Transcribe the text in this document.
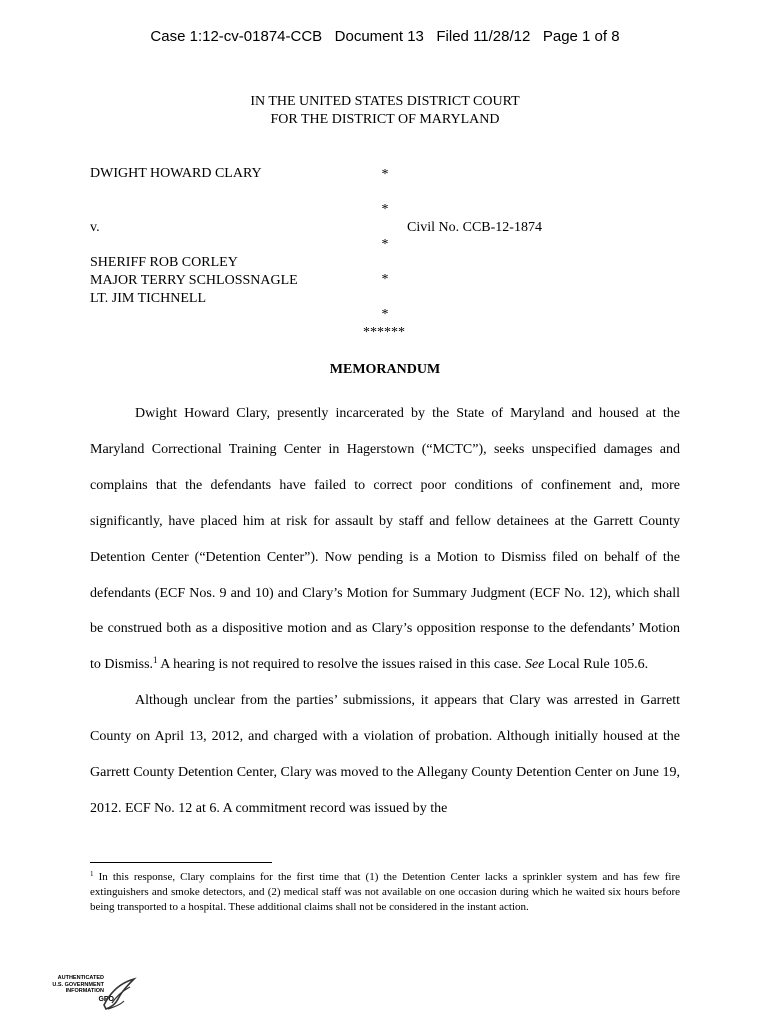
Case 1:12-cv-01874-CCB   Document 13   Filed 11/28/12   Page 1 of 8
IN THE UNITED STATES DISTRICT COURT
FOR THE DISTRICT OF MARYLAND
DWIGHT HOWARD CLARY
v.	Civil No. CCB-12-1874
SHERIFF ROB CORLEY
MAJOR TERRY SCHLOSSNAGLE
LT. JIM TICHNELL
*
*
*
*
*
******
MEMORANDUM

Dwight Howard Clary, presently incarcerated by the State of Maryland and housed at the Maryland Correctional Training Center in Hagerstown (“MCTC”), seeks unspecified damages and complains that the defendants have failed to correct poor conditions of confinement and, more significantly, have placed him at risk for assault by staff and fellow detainees at the Garrett County Detention Center (“Detention Center”). Now pending is a Motion to Dismiss filed on behalf of the defendants (ECF Nos. 9 and 10) and Clary’s Motion for Summary Judgment (ECF No. 12), which shall be construed both as a dispositive motion and as Clary’s opposition response to the defendants’ Motion to Dismiss.$^1$ A hearing is not required to resolve the issues raised in this case. See Local Rule 105.6.

Although unclear from the parties’ submissions, it appears that Clary was arrested in Garrett County on April 13, 2012, and charged with a violation of probation. Although initially housed at the Garrett County Detention Center, Clary was moved to the Allegany County Detention Center on June 19, 2012. ECF No. 12 at 6. A commitment record was issued by the

$^1$ In this response, Clary complains for the first time that (1) the Detention Center lacks a sprinkler system and has few fire extinguishers and smoke detectors, and (2) medical staff was not available on one occasion during which he waited six hours before being transported to a hospital. These additional claims shall not be considered in the instant action.
AUTHENTICATED
U.S. GOVERNMENT
INFORMATION
GPO
